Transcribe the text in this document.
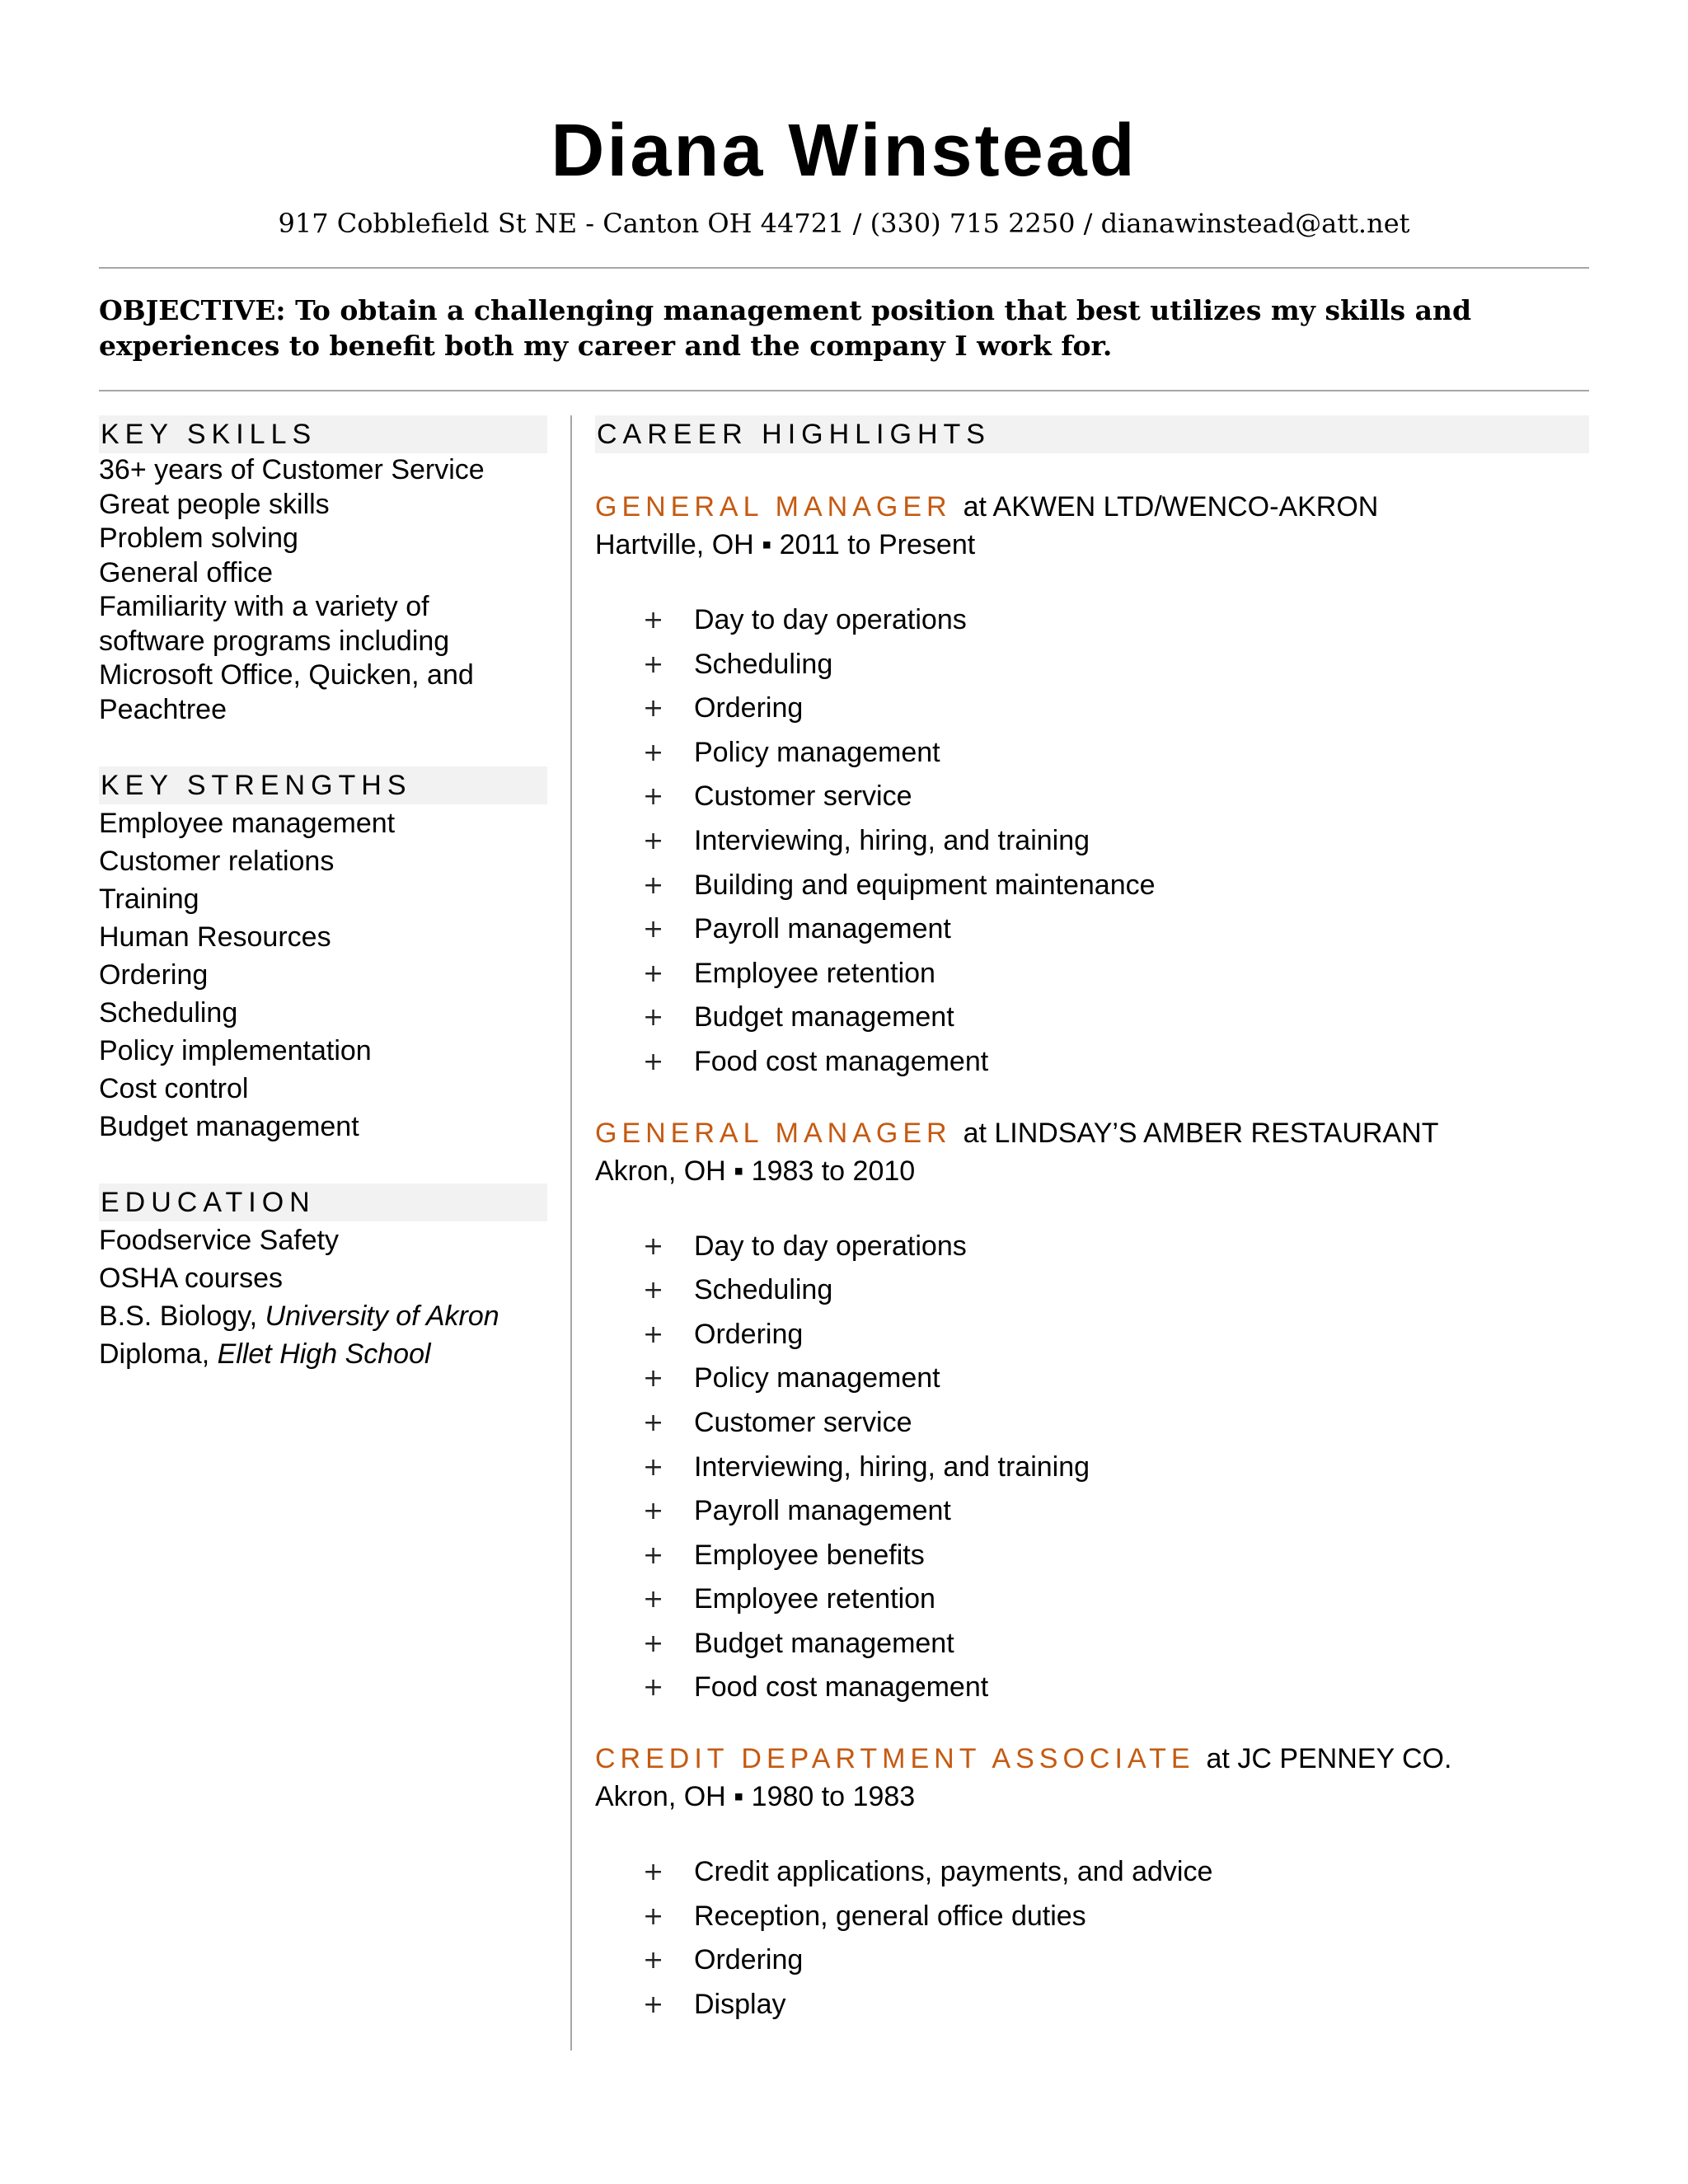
Diana Winstead
917 Cobblefield St NE - Canton OH 44721 / (330) 715 2250 / dianawinstead@att.net
OBJECTIVE: To obtain a challenging management position that best utilizes my skills and experiences to benefit both my career and the company I work for.
KEY SKILLS
36+ years of Customer Service
Great people skills
Problem solving
General office
Familiarity with a variety of software programs including Microsoft Office, Quicken, and Peachtree
KEY STRENGTHS
Employee management
Customer relations
Training
Human Resources
Ordering
Scheduling
Policy implementation
Cost control
Budget management
EDUCATION
Foodservice Safety
OSHA courses
B.S. Biology, University of Akron
Diploma, Ellet High School
CAREER HIGHLIGHTS
GENERAL MANAGER at AKWEN LTD/WENCO-AKRON
Hartville, OH ▪ 2011 to Present
+ Day to day operations
+ Scheduling
+ Ordering
+ Policy management
+ Customer service
+ Interviewing, hiring, and training
+ Building and equipment maintenance
+ Payroll management
+ Employee retention
+ Budget management
+ Food cost management
GENERAL MANAGER at LINDSAY’S AMBER RESTAURANT
Akron, OH ▪ 1983 to 2010
+ Day to day operations
+ Scheduling
+ Ordering
+ Policy management
+ Customer service
+ Interviewing, hiring, and training
+ Payroll management
+ Employee benefits
+ Employee retention
+ Budget management
+ Food cost management
CREDIT DEPARTMENT ASSOCIATE at JC PENNEY CO.
Akron, OH ▪ 1980 to 1983
+ Credit applications, payments, and advice
+ Reception, general office duties
+ Ordering
+ Display
